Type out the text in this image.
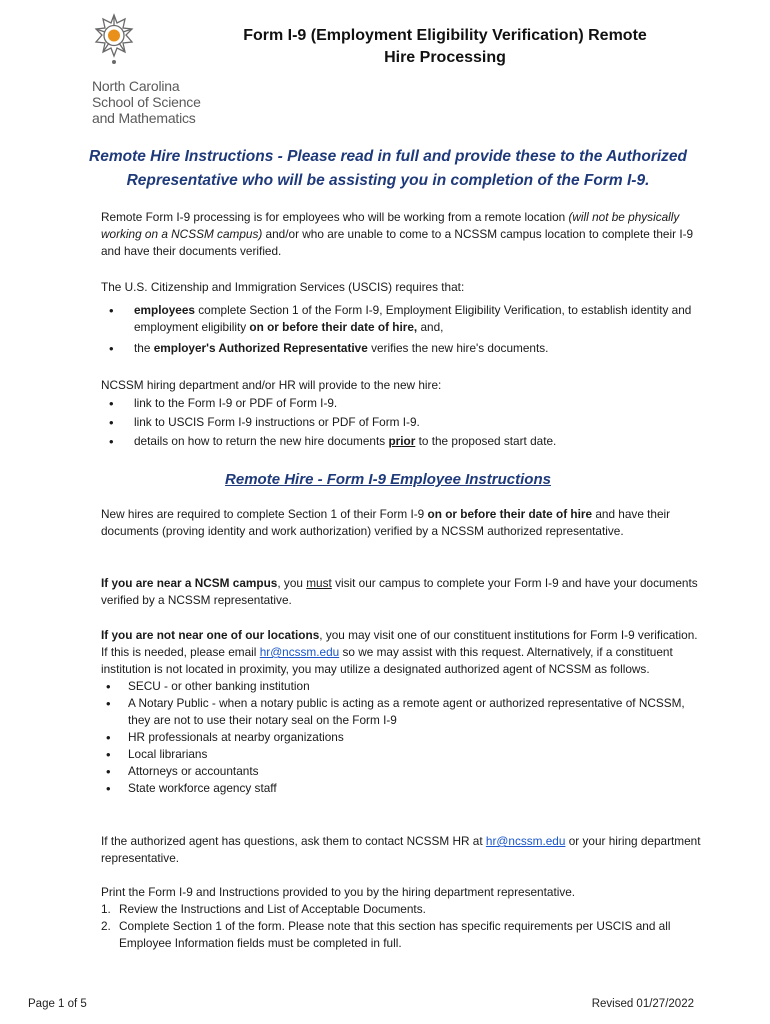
North Carolina
School of Science
and Mathematics
Form I-9 (Employment Eligibility Verification) Remote
Hire Processing
Remote Hire Instructions - Please read in full and provide these to the Authorized
Representative who will be assisting you in completion of the Form I-9.

Remote Form I-9 processing is for employees who will be working from a remote location (will not be physically working on a NCSSM campus) and/or who are unable to come to a NCSSM campus location to complete their I-9 and have their documents verified.

The U.S. Citizenship and Immigration Services (USCIS) requires that:

• employees complete Section 1 of the Form I-9, Employment Eligibility Verification, to establish identity and employment eligibility on or before their date of hire, and,
• the employer's Authorized Representative verifies the new hire's documents.

NCSSM hiring department and/or HR will provide to the new hire:

• link to the Form I-9 or PDF of Form I-9.
• link to USCIS Form I-9 instructions or PDF of Form I-9.
• details on how to return the new hire documents prior to the proposed start date.
Remote Hire - Form I-9 Employee Instructions

New hires are required to complete Section 1 of their Form I-9 on or before their date of hire and have their documents (proving identity and work authorization) verified by a NCSSM authorized representative.

If you are near a NCSM campus, you must visit our campus to complete your Form I-9 and have your documents verified by a NCSSM representative.

If you are not near one of our locations, you may visit one of our constituent institutions for Form I-9 verification. If this is needed, please email hr@ncssm.edu so we may assist with this request. Alternatively, if a constituent institution is not located in proximity, you may utilize a designated authorized agent of NCSSM as follows.

• SECU - or other banking institution
• A Notary Public - when a notary public is acting as a remote agent or authorized representative of NCSSM, they are not to use their notary seal on the Form I-9
• HR professionals at nearby organizations
• Local librarians
• Attorneys or accountants
• State workforce agency staff

If the authorized agent has questions, ask them to contact NCSSM HR at hr@ncssm.edu or your hiring department representative.

Print the Form I-9 and Instructions provided to you by the hiring department representative.

1. Review the Instructions and List of Acceptable Documents.
2. Complete Section 1 of the form. Please note that this section has specific requirements per USCIS and all Employee Information fields must be completed in full.
Page 1 of 5	Revised 01/27/2022
